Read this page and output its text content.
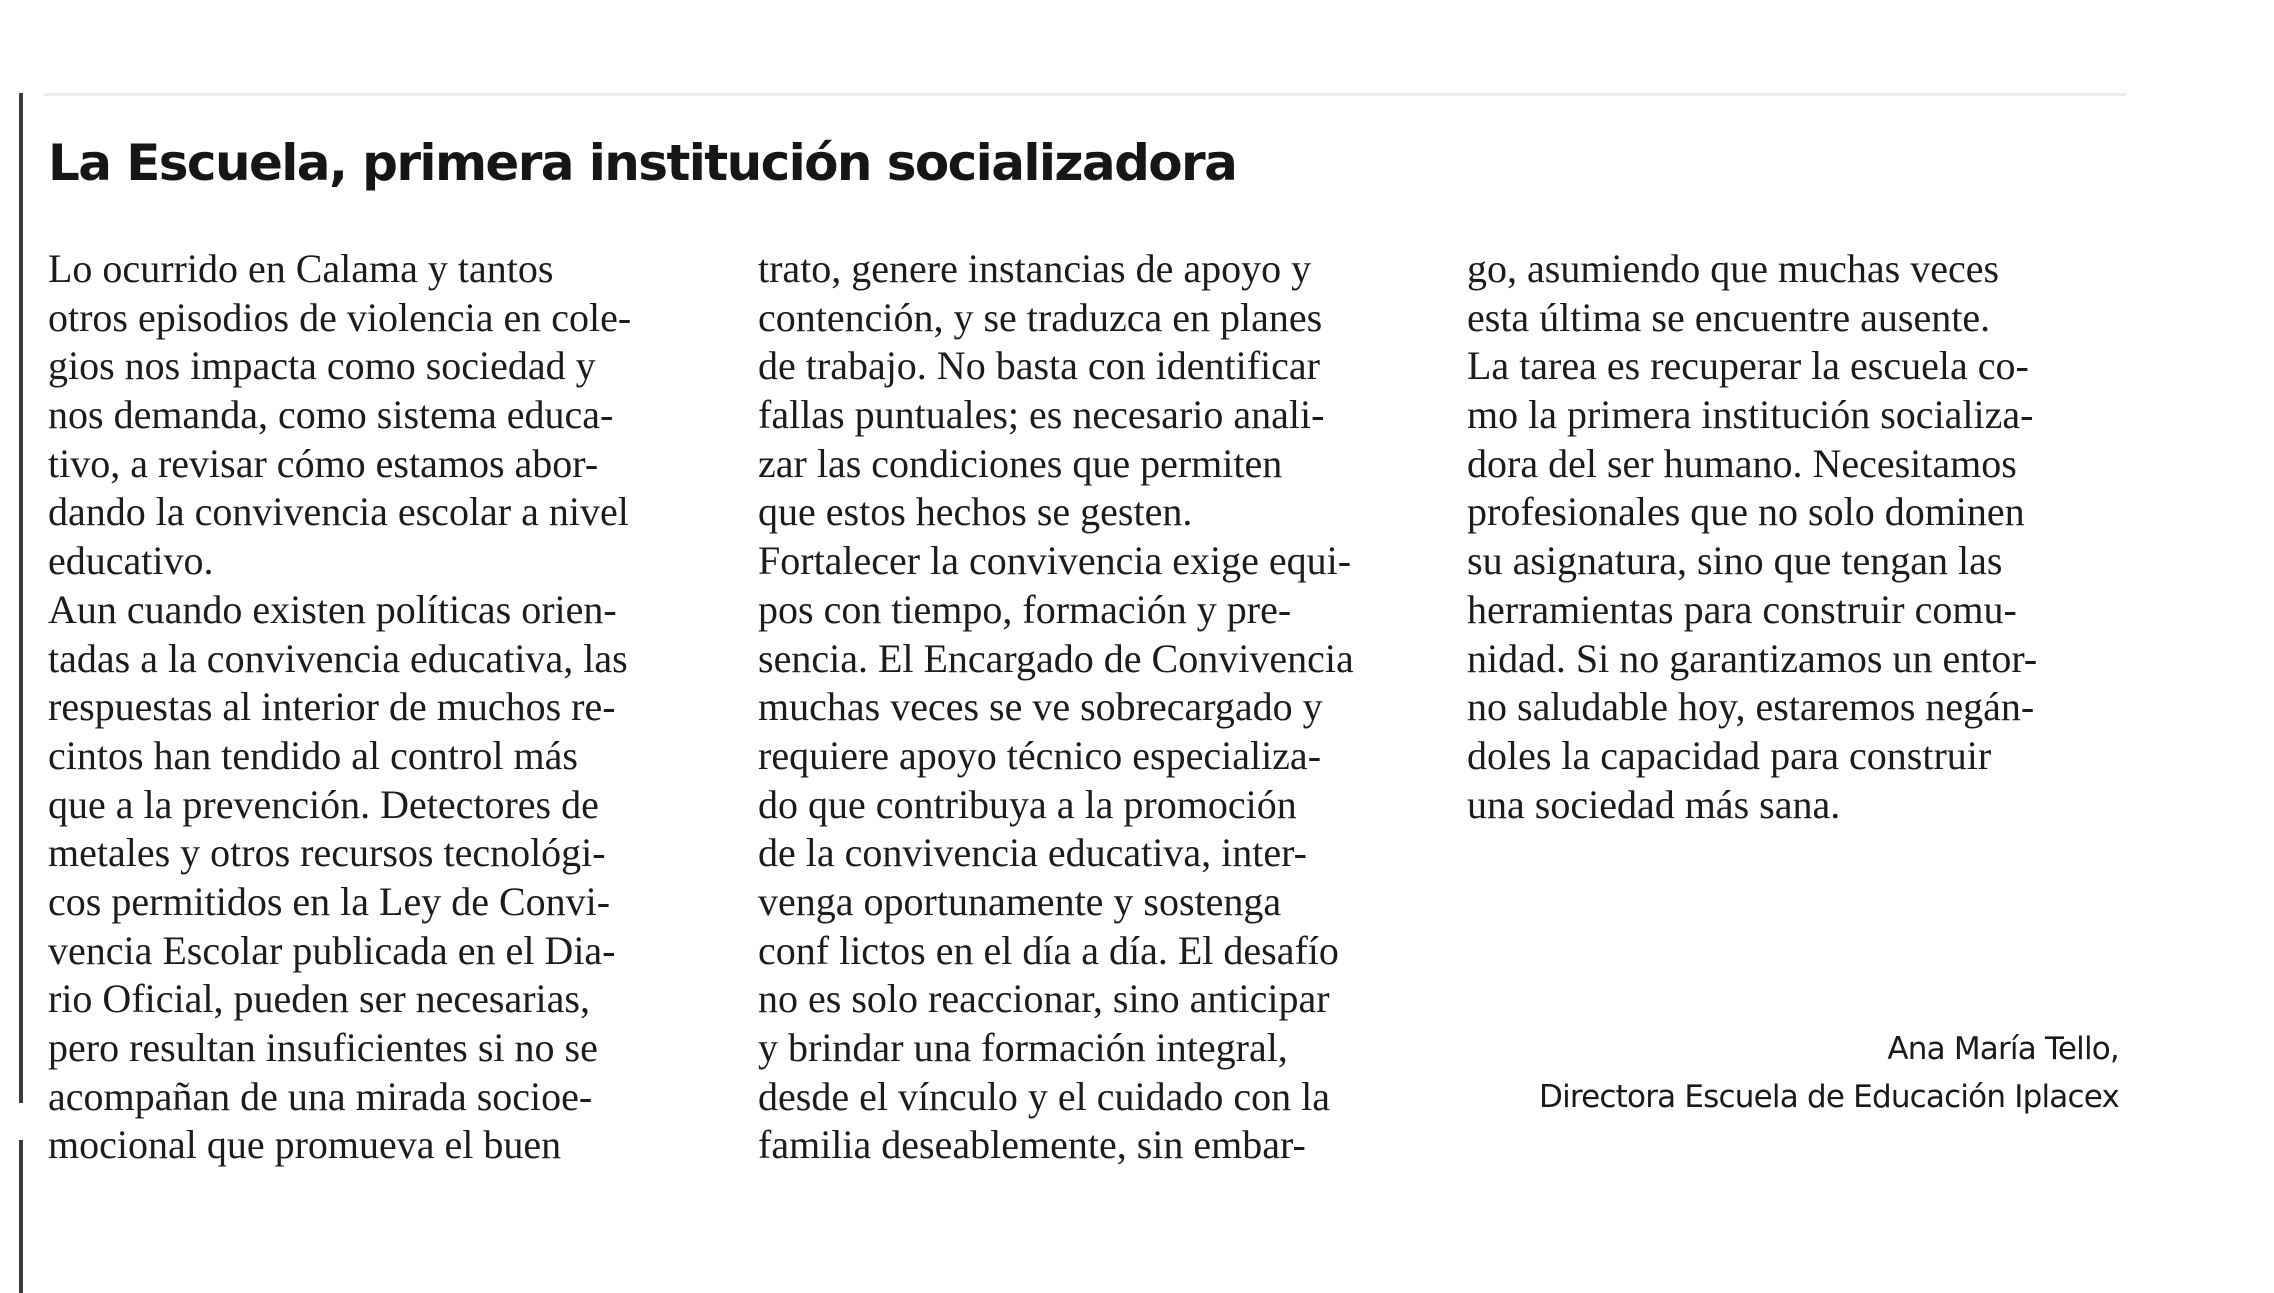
La Escuela, primera institución socializadora
Lo ocurrido en Calama y tantos
otros episodios de violencia en cole-
gios nos impacta como sociedad y
nos demanda, como sistema educa-
tivo, a revisar cómo estamos abor-
dando la convivencia escolar a nivel
educativo.
Aun cuando existen políticas orien-
tadas a la convivencia educativa, las
respuestas al interior de muchos re-
cintos han tendido al control más
que a la prevención. Detectores de
metales y otros recursos tecnológi-
cos permitidos en la Ley de Convi-
vencia Escolar publicada en el Dia-
rio Oficial, pueden ser necesarias,
pero resultan insuficientes si no se
acompañan de una mirada socioe-
mocional que promueva el buen
trato, genere instancias de apoyo y
contención, y se traduzca en planes
de trabajo. No basta con identificar
fallas puntuales; es necesario anali-
zar las condiciones que permiten
que estos hechos se gesten.
Fortalecer la convivencia exige equi-
pos con tiempo, formación y pre-
sencia. El Encargado de Convivencia
muchas veces se ve sobrecargado y
requiere apoyo técnico especializa-
do que contribuya a la promoción
de la convivencia educativa, inter-
venga oportunamente y sostenga
conf lictos en el día a día. El desafío
no es solo reaccionar, sino anticipar
y brindar una formación integral,
desde el vínculo y el cuidado con la
familia deseablemente, sin embar-
go, asumiendo que muchas veces
esta última se encuentre ausente.
La tarea es recuperar la escuela co-
mo la primera institución socializa-
dora del ser humano. Necesitamos
profesionales que no solo dominen
su asignatura, sino que tengan las
herramientas para construir comu-
nidad. Si no garantizamos un entor-
no saludable hoy, estaremos negán-
doles la capacidad para construir
una sociedad más sana.
Ana María Tello,
Directora Escuela de Educación Iplacex
